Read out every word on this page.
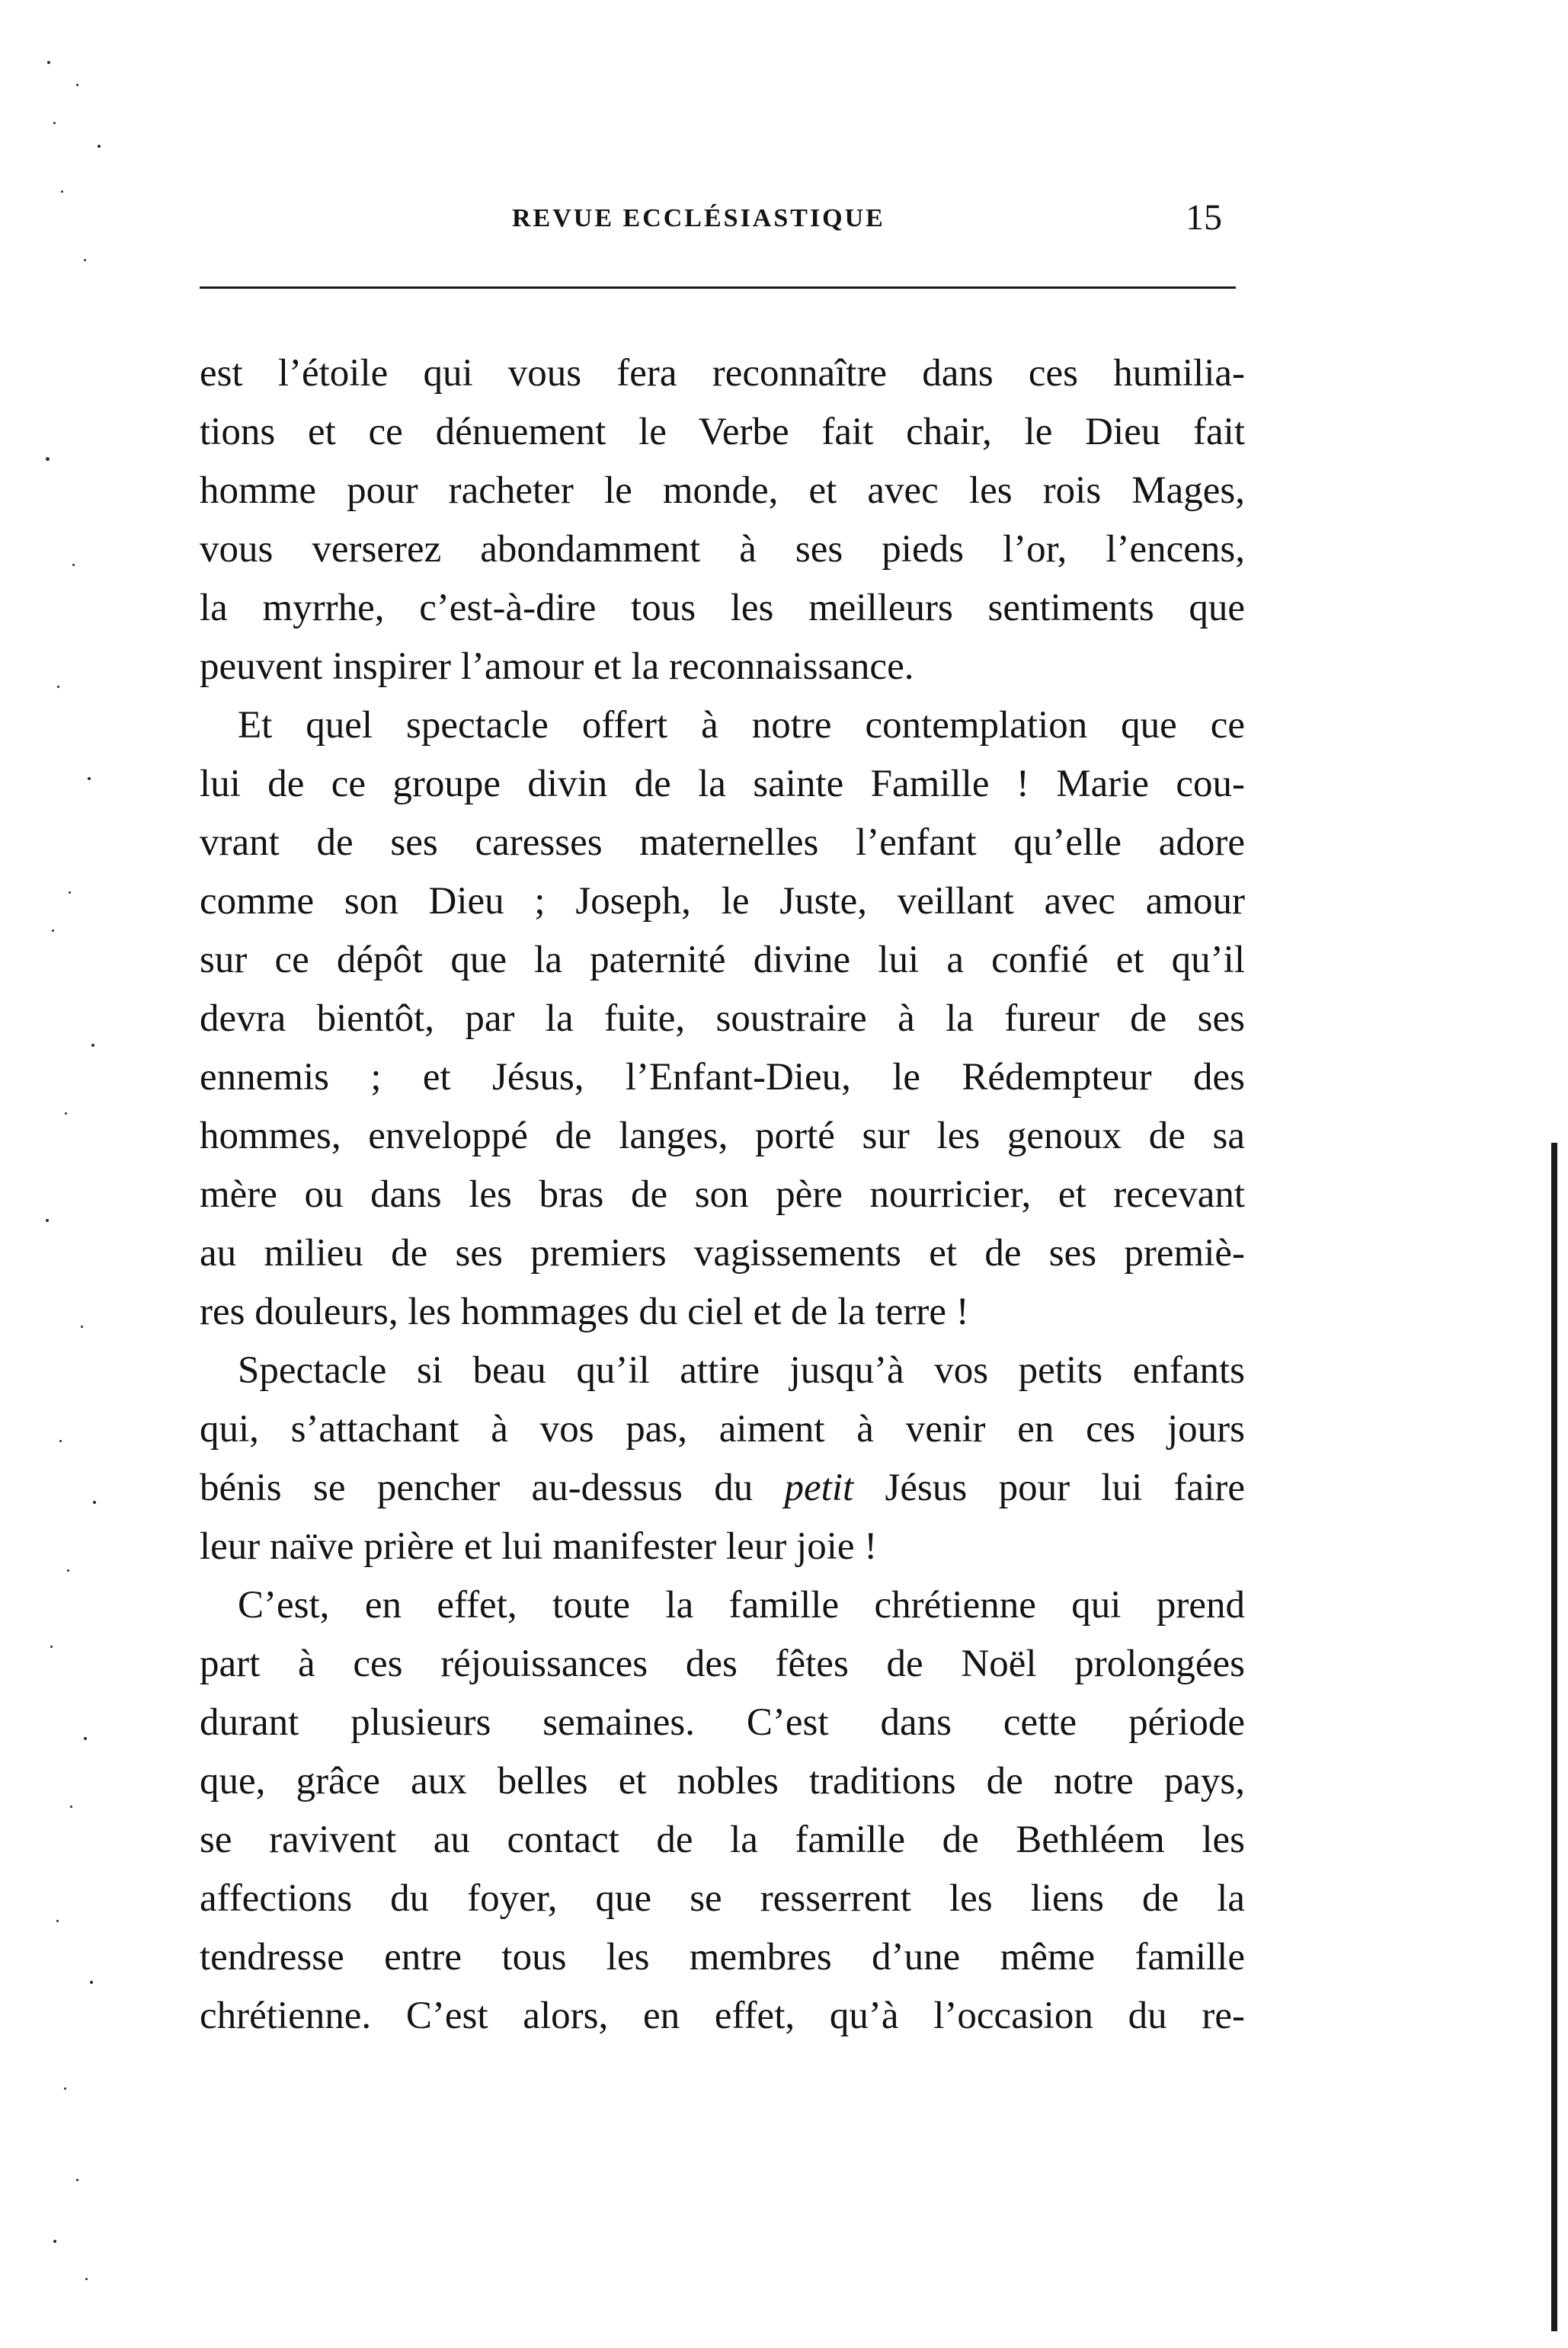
REVUE ECCLÉSIASTIQUE	15
est l’étoile qui vous fera reconnaître dans ces humilia-
tions et ce dénuement le Verbe fait chair, le Dieu fait
homme pour racheter le monde, et avec les rois Mages,
vous verserez abondamment à ses pieds l’or, l’encens,
la myrrhe, c’est-à-dire tous les meilleurs sentiments que
peuvent inspirer l’amour et la reconnaissance.
Et quel spectacle offert à notre contemplation que ce
lui de ce groupe divin de la sainte Famille ! Marie cou-
vrant de ses caresses maternelles l’enfant qu’elle adore
comme son Dieu ; Joseph, le Juste, veillant avec amour
sur ce dépôt que la paternité divine lui a confié et qu’il
devra bientôt, par la fuite, soustraire à la fureur de ses
ennemis ; et Jésus, l’Enfant-Dieu, le Rédempteur des
hommes, enveloppé de langes, porté sur les genoux de sa
mère ou dans les bras de son père nourricier, et recevant
au milieu de ses premiers vagissements et de ses premiè-
res douleurs, les hommages du ciel et de la terre !
Spectacle si beau qu’il attire jusqu’à vos petits enfants
qui, s’attachant à vos pas, aiment à venir en ces jours
bénis se pencher au-dessus du petit Jésus pour lui faire
leur naïve prière et lui manifester leur joie !
C’est, en effet, toute la famille chrétienne qui prend
part à ces réjouissances des fêtes de Noël prolongées
durant plusieurs semaines. C’est dans cette période
que, grâce aux belles et nobles traditions de notre pays,
se ravivent au contact de la famille de Bethléem les
affections du foyer, que se resserrent les liens de la
tendresse entre tous les membres d’une même famille
chrétienne. C’est alors, en effet, qu’à l’occasion du re-
